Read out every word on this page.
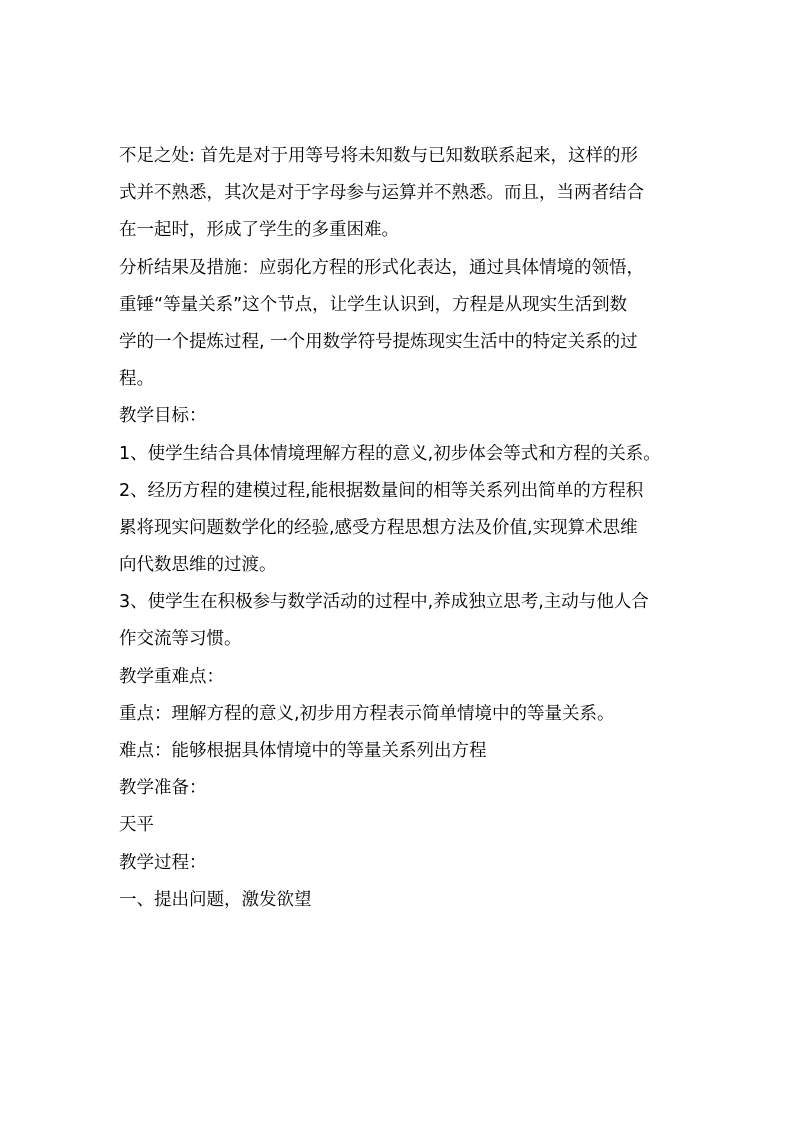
不足之处: 首先是对于用等号将未知数与已知数联系起来，这样的形
式并不熟悉，其次是对于字母参与运算并不熟悉。而且，当两者结合
在一起时，形成了学生的多重困难。

分析结果及措施：应弱化方程的形式化表达，通过具体情境的领悟，
重锤“等量关系”这个节点，让学生认识到，方程是从现实生活到数
学的一个提炼过程, 一个用数学符号提炼现实生活中的特定关系的过
程。

教学目标：

1、使学生结合具体情境理解方程的意义,初步体会等式和方程的关系。

2、经历方程的建模过程,能根据数量间的相等关系列出简单的方程积
累将现实问题数学化的经验,感受方程思想方法及价值,实现算术思维
向代数思维的过渡。

3、使学生在积极参与数学活动的过程中,养成独立思考,主动与他人合
作交流等习惯。

教学重难点：

重点：理解方程的意义,初步用方程表示简单情境中的等量关系。

难点：能够根据具体情境中的等量关系列出方程

教学准备：

天平

教学过程：

一、提出问题，激发欲望
